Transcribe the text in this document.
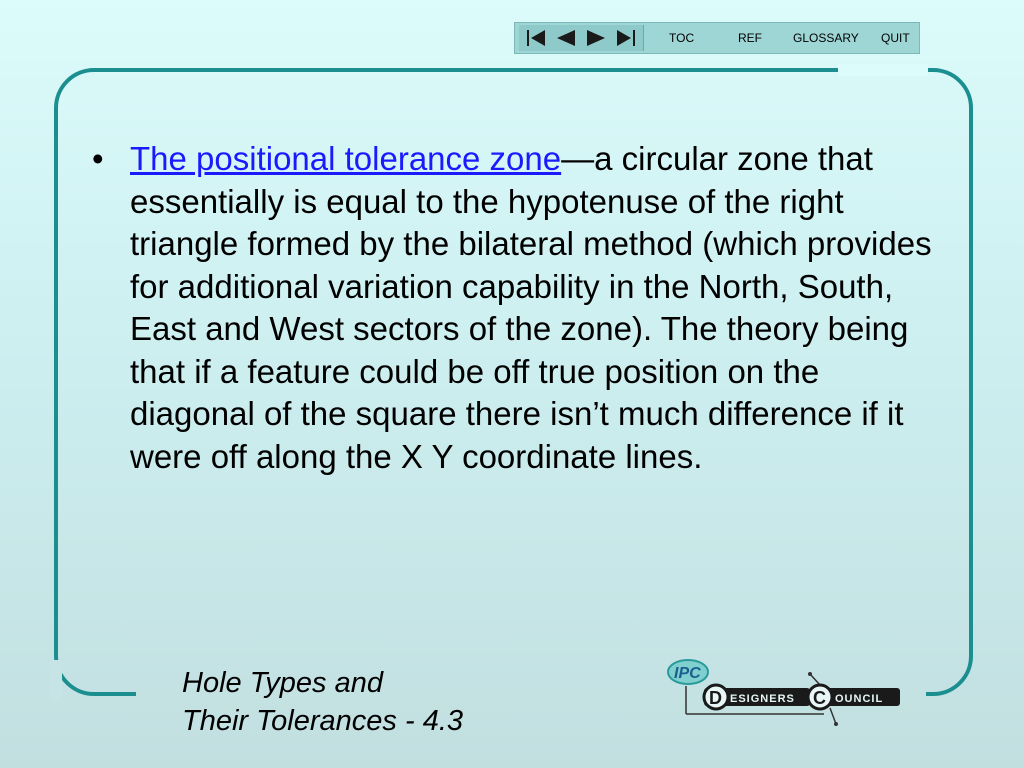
TOC	REF	GLOSSARY QUIT
• The positional tolerance zone—a circular zone that essentially is equal to the hypotenuse of the right triangle formed by the bilateral method (which provides for additional variation capability in the North, South, East and West sectors of the zone). The theory being that if a feature could be off true position on the diagonal of the square there isn’t much difference if it were off along the X Y coordinate lines.
Hole Types and
Their Tolerances - 4.3
IPC
D ESIGNERS C OUNCIL
